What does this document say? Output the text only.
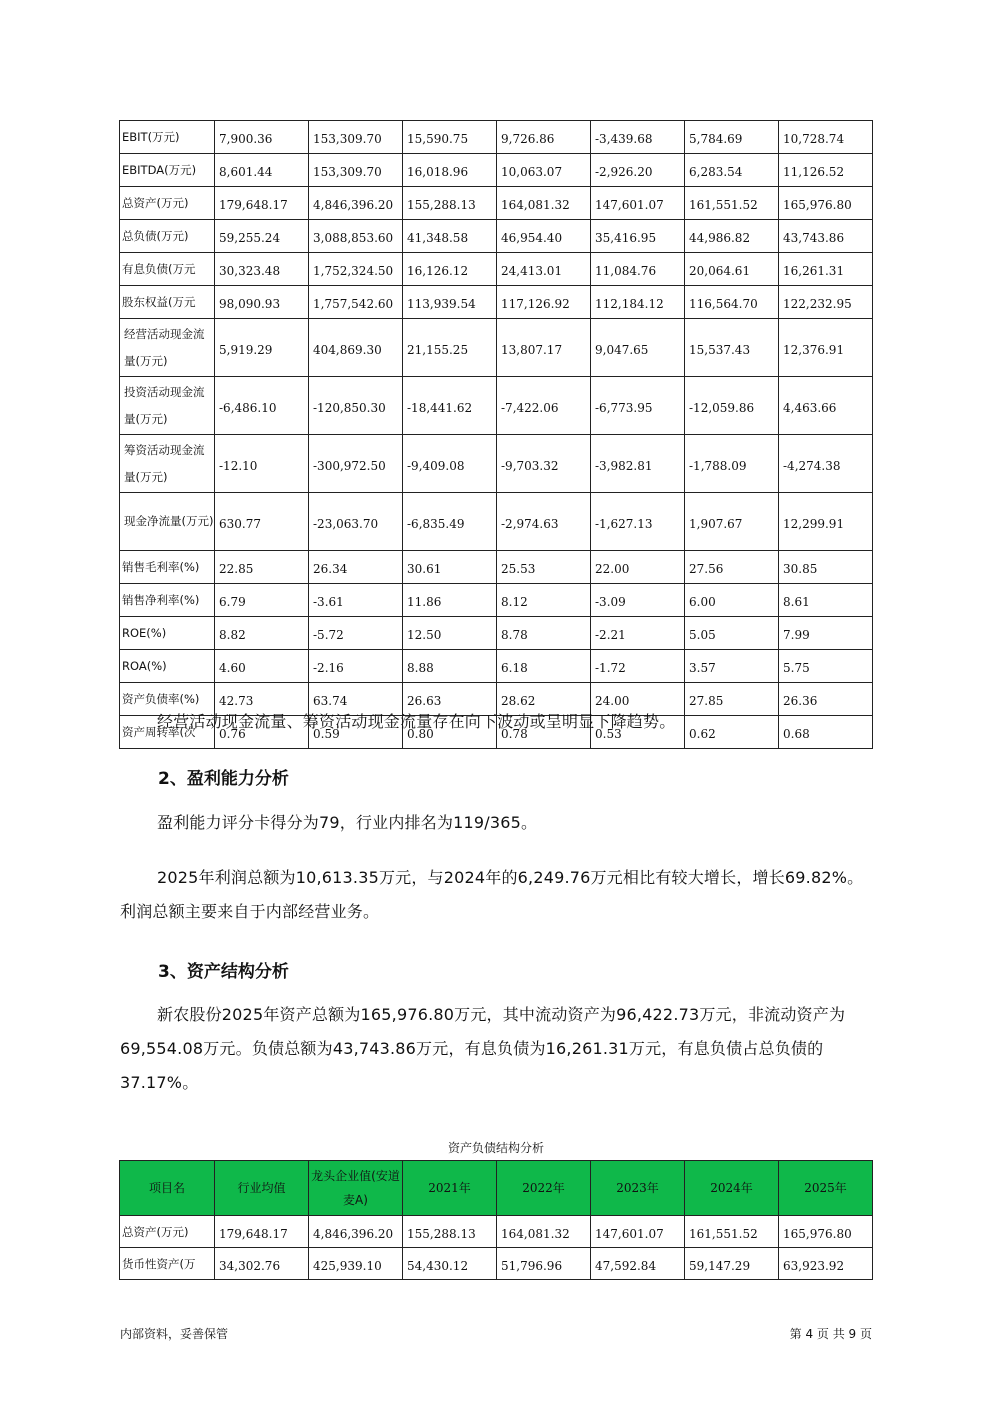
EBIT(万元)	7,900.36	153,309.70	15,590.75	9,726.86	-3,439.68	5,784.69	10,728.74
EBITDA(万元)	8,601.44	153,309.70	16,018.96	10,063.07	-2,926.20	6,283.54	11,126.52
总资产(万元)	179,648.17	4,846,396.20	155,288.13	164,081.32	147,601.07	161,551.52	165,976.80
总负债(万元)	59,255.24	3,088,853.60	41,348.58	46,954.40	35,416.95	44,986.82	43,743.86
有息负债(万元	30,323.48	1,752,324.50	16,126.12	24,413.01	11,084.76	20,064.61	16,261.31
股东权益(万元	98,090.93	1,757,542.60	113,939.54	117,126.92	112,184.12	116,564.70	122,232.95
经营活动现金流量(万元)	5,919.29	404,869.30	21,155.25	13,807.17	9,047.65	15,537.43	12,376.91
投资活动现金流量(万元)	-6,486.10	-120,850.30	-18,441.62	-7,422.06	-6,773.95	-12,059.86	4,463.66
筹资活动现金流量(万元)	-12.10	-300,972.50	-9,409.08	-9,703.32	-3,982.81	-1,788.09	-4,274.38
现金净流量(万元)	630.77	-23,063.70	-6,835.49	-2,974.63	-1,627.13	1,907.67	12,299.91
销售毛利率(%)	22.85	26.34	30.61	25.53	22.00	27.56	30.85
销售净利率(%)	6.79	-3.61	11.86	8.12	-3.09	6.00	8.61
ROE(%)	8.82	-5.72	12.50	8.78	-2.21	5.05	7.99
ROA(%)	4.60	-2.16	8.88	6.18	-1.72	3.57	5.75
资产负债率(%)	42.73	63.74	26.63	28.62	24.00	27.85	26.36
资产周转率(次	0.76	0.59	0.80	0.78	0.53	0.62	0.68
经营活动现金流量、筹资活动现金流量存在向下波动或呈明显下降趋势。
2、盈利能力分析
盈利能力评分卡得分为79，行业内排名为119/365。
2025年利润总额为10,613.35万元，与2024年的6,249.76万元相比有较大增长，增长69.82%。
利润总额主要来自于内部经营业务。
3、资产结构分析
新农股份2025年资产总额为165,976.80万元，其中流动资产为96,422.73万元，非流动资产为
69,554.08万元。负债总额为43,743.86万元，有息负债为16,261.31万元，有息负债占总负债的
37.17%。
资产负债结构分析
项目名	行业均值	龙头企业值(安道麦A)	2021年	2022年	2023年	2024年	2025年
总资产(万元)	179,648.17	4,846,396.20	155,288.13	164,081.32	147,601.07	161,551.52	165,976.80
货币性资产(万	34,302.76	425,939.10	54,430.12	51,796.96	47,592.84	59,147.29	63,923.92
内部资料，妥善保管	第 4 页 共 9 页
